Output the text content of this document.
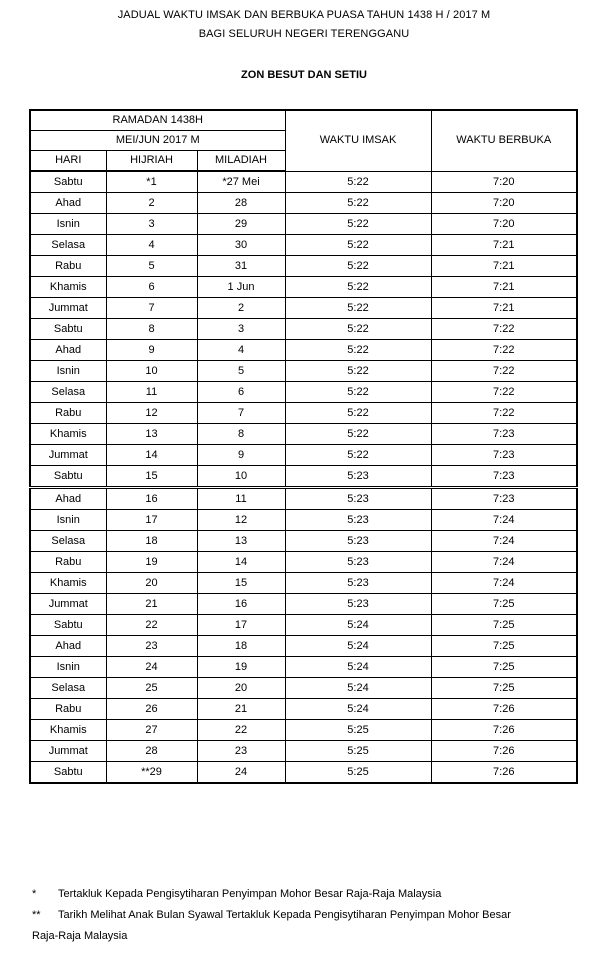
JADUAL WAKTU IMSAK DAN BERBUKA PUASA TAHUN 1438 H / 2017 M
BAGI SELURUH NEGERI TERENGGANU
ZON BESUT DAN SETIU
RAMADAN 1438H			WAKTU IMSAK	WAKTU BERBUKA
MEI/JUN 2017 M				
HARI	HIJRIAH	MILADIAH		
Sabtu	*1	*27 Mei	5:22	7:20
Ahad	2	28	5:22	7:20
Isnin	3	29	5:22	7:20
Selasa	4	30	5:22	7:21
Rabu	5	31	5:22	7:21
Khamis	6	1 Jun	5:22	7:21
Jummat	7	2	5:22	7:21
Sabtu	8	3	5:22	7:22
Ahad	9	4	5:22	7:22
Isnin	10	5	5:22	7:22
Selasa	11	6	5:22	7:22
Rabu	12	7	5:22	7:22
Khamis	13	8	5:22	7:23
Jummat	14	9	5:22	7:23
Sabtu	15	10	5:23	7:23
Ahad	16	11	5:23	7:23
Isnin	17	12	5:23	7:24
Selasa	18	13	5:23	7:24
Rabu	19	14	5:23	7:24
Khamis	20	15	5:23	7:24
Jummat	21	16	5:23	7:25
Sabtu	22	17	5:24	7:25
Ahad	23	18	5:24	7:25
Isnin	24	19	5:24	7:25
Selasa	25	20	5:24	7:25
Rabu	26	21	5:24	7:26
Khamis	27	22	5:25	7:26
Jummat	28	23	5:25	7:26
Sabtu	**29	24	5:25	7:26
*	Tertakluk Kepada Pengisytiharan Penyimpan Mohor Besar Raja-Raja Malaysia
**	Tarikh Melihat Anak Bulan Syawal Tertakluk Kepada Pengisytiharan Penyimpan Mohor Besar
Raja-Raja Malaysia
